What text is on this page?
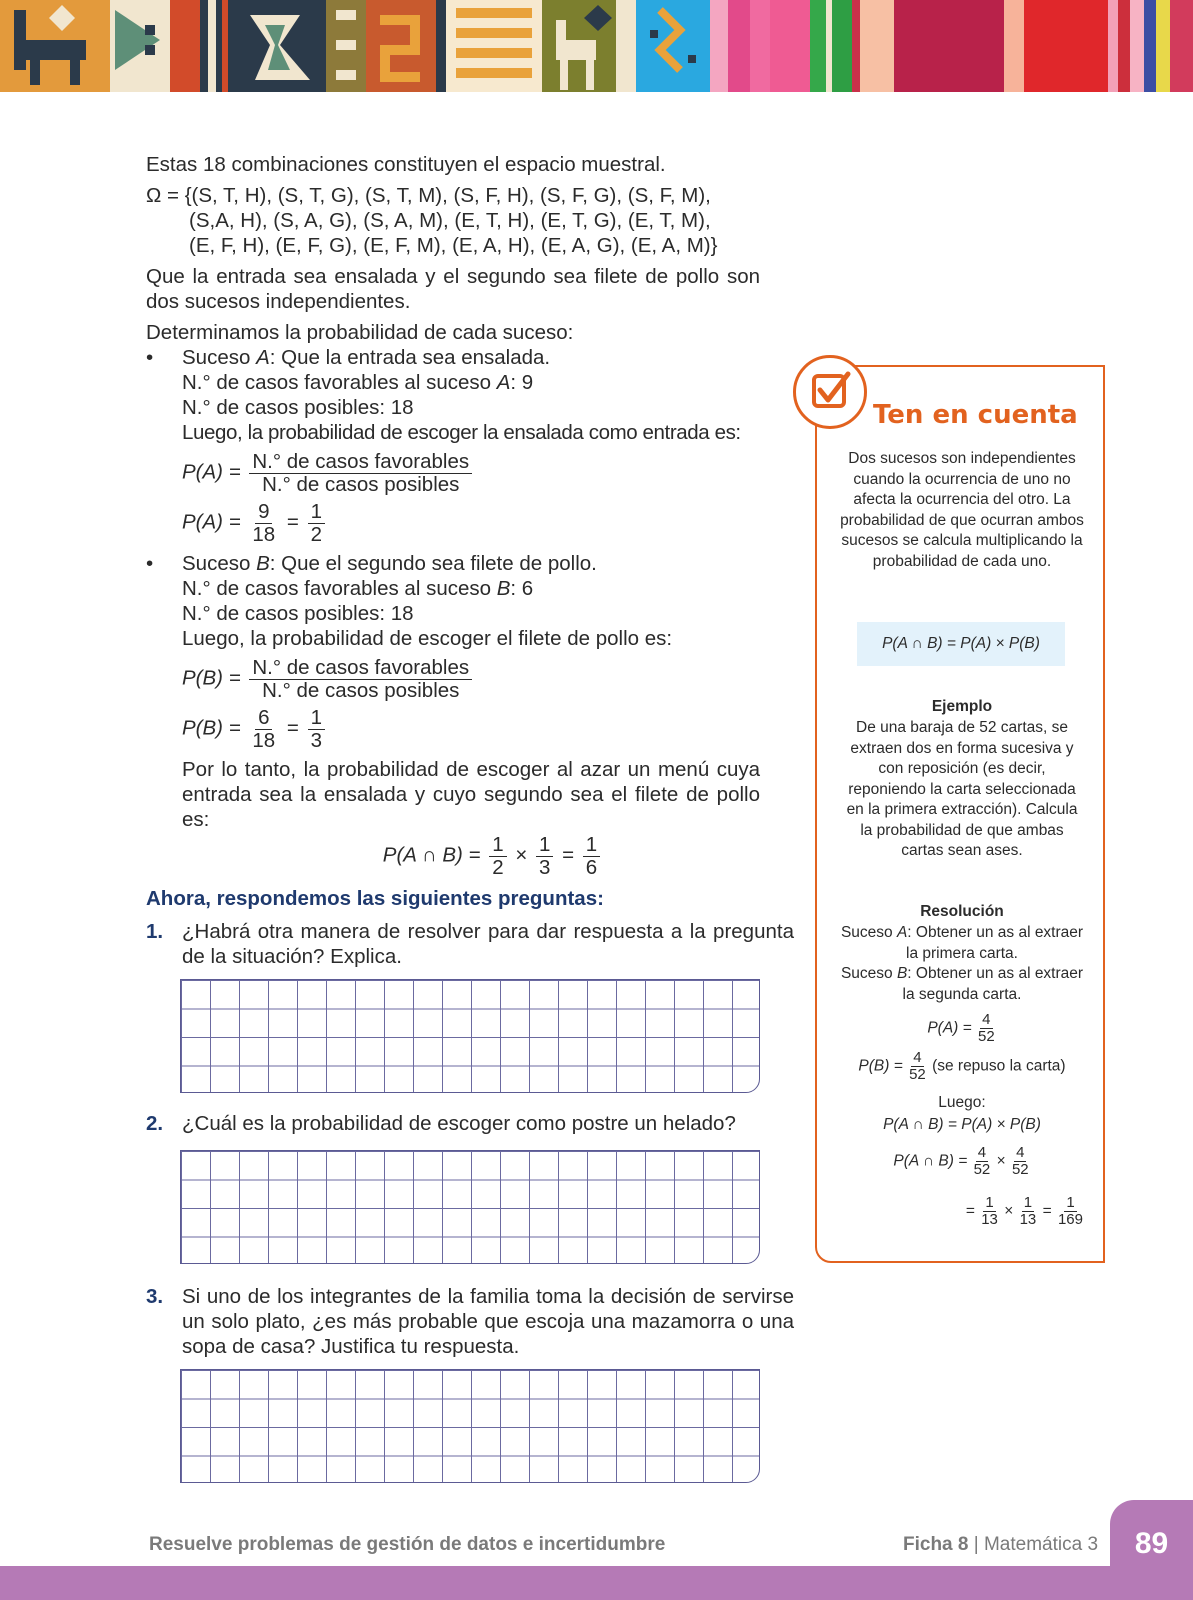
Estas 18 combinaciones constituyen el espacio muestral.

Ω = {(S, T, H), (S, T, G), (S, T, M), (S, F, H), (S, F, G), (S, F, M),

(S,A, H), (S, A, G), (S, A, M), (E, T, H), (E, T, G), (E, T, M),

(E, F, H), (E, F, G), (E, F, M), (E, A, H), (E, A, G), (E, A, M)}

Que la entrada sea ensalada y el segundo sea filete de pollo son dos sucesos independientes.

Determinamos la probabilidad de cada suceso:

• Suceso A: Que la entrada sea ensalada.

N.° de casos favorables al suceso A: 9

N.° de casos posibles: 18

Luego, la probabilidad de escoger la ensalada como entrada es:

$P(A) = \frac{\text{N.° de casos favorables}}{\text{N.° de casos posibles}}$
$P(A) = \frac{9}{18} = \frac{1}{2}$

• Suceso B: Que el segundo sea filete de pollo.

N.° de casos favorables al suceso B: 6

N.° de casos posibles: 18

Luego, la probabilidad de escoger el filete de pollo es:

$P(B) = \frac{\text{N.° de casos favorables}}{\text{N.° de casos posibles}}$
$P(B) = \frac{6}{18} = \frac{1}{3}$

Por lo tanto, la probabilidad de escoger al azar un menú cuya entrada sea la ensalada y cuyo segundo sea el filete de pollo es:

P(A ∩ $B) = \frac{1}{2} \times \frac{1}{3} = \frac{1}{6}$

Ahora, respondemos las siguientes preguntas:

1. ¿Habrá otra manera de resolver para dar respuesta a la pregunta de la situación? Explica.

2. ¿Cuál es la probabilidad de escoger como postre un helado?

3. Si uno de los integrantes de la familia toma la decisión de servirse un solo plato, ¿es más probable que escoja una mazamorra o una sopa de casa? Justifica tu respuesta.

Dos sucesos son independientes cuando la ocurrencia de uno no afecta la ocurrencia del otro. La probabilidad de que ocurran ambos sucesos se calcula multiplicando la probabilidad de cada uno.
P(A ∩ B) = P(A) × P(B)
Ejemplo
De una baraja de 52 cartas, se extraen dos en forma sucesiva y con reposición (es decir, reponiendo la carta seleccionada en la primera extracción). Calcula la probabilidad de que ambas cartas sean ases.
Resolución
Suceso A: Obtener un as al extraer la primera carta.
Suceso B: Obtener un as al extraer la segunda carta.
$P(A) = \frac{4}{52}$
$P(B) = \frac{4}{52} (se$ repuso la carta)
Luego:
P(A ∩ B) = P(A) × P(B)
P(A ∩ $B) = \frac{4}{52} \times \frac{4}{52}$
= $\frac{1}{13} \times \frac{1}{13} = \frac{1}{169}$
Ten en cuenta
89
Resuelve problemas de gestión de datos e incertidumbre	Ficha 8 | Matemática 3
